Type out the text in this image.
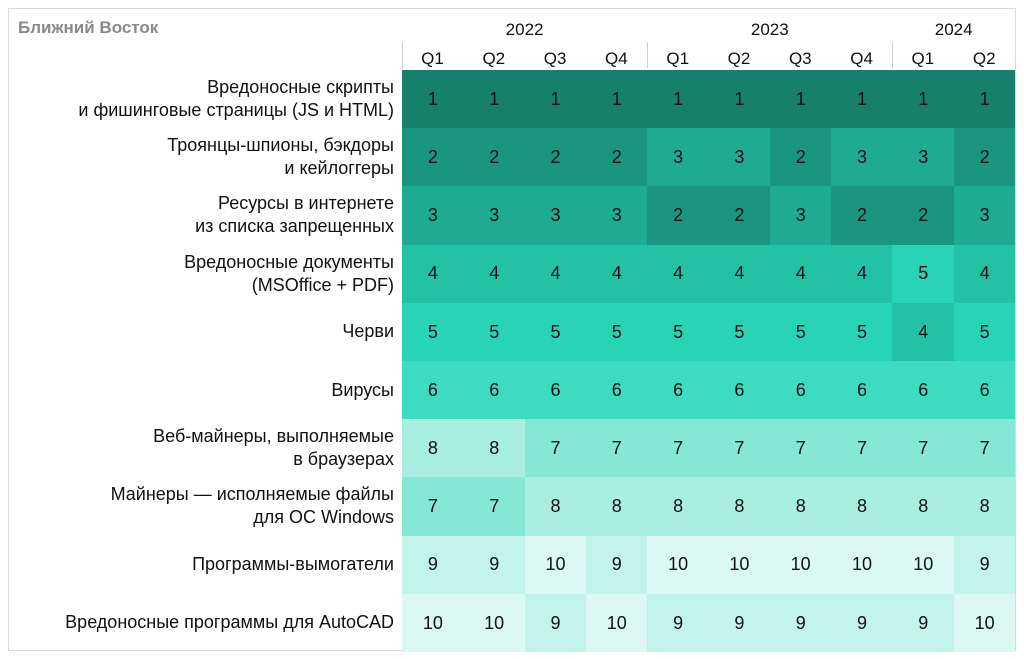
Ближний Восток	2022	2023	2024
Q1	Q2	Q3	Q4	Q1	Q2	Q3	Q4	Q1	Q2
Вредоносные скрипты
и фишинговые страницы (JS и HTML)
1	1	1	1	1	1	1	1	1	1
Троянцы-шпионы, бэкдоры
и кейлоггеры
2	2	2	2	3	3	2	3	3	2
Ресурсы в интернете
из списка запрещенных
3	3	3	3	2	2	3	2	2	3
Вредоносные документы
(MSOffice + PDF)
4	4	4	4	4	4	4	4	5	4
Черви	5	5	5	5	5	5	5	5	4	5
Вирусы	6	6	6	6	6	6	6	6	6	6
Веб-майнеры, выполняемые
в браузерах
8	8	7	7	7	7	7	7	7	7
Майнеры — исполняемые файлы
для ОС Windows
7	7	8	8	8	8	8	8	8	8
Программы-вымогатели	9	9	10	9	10	10	10	10	10	9
Вредоносные программы для AutoCAD	10	10	9	10	9	9	9	9	9	10
